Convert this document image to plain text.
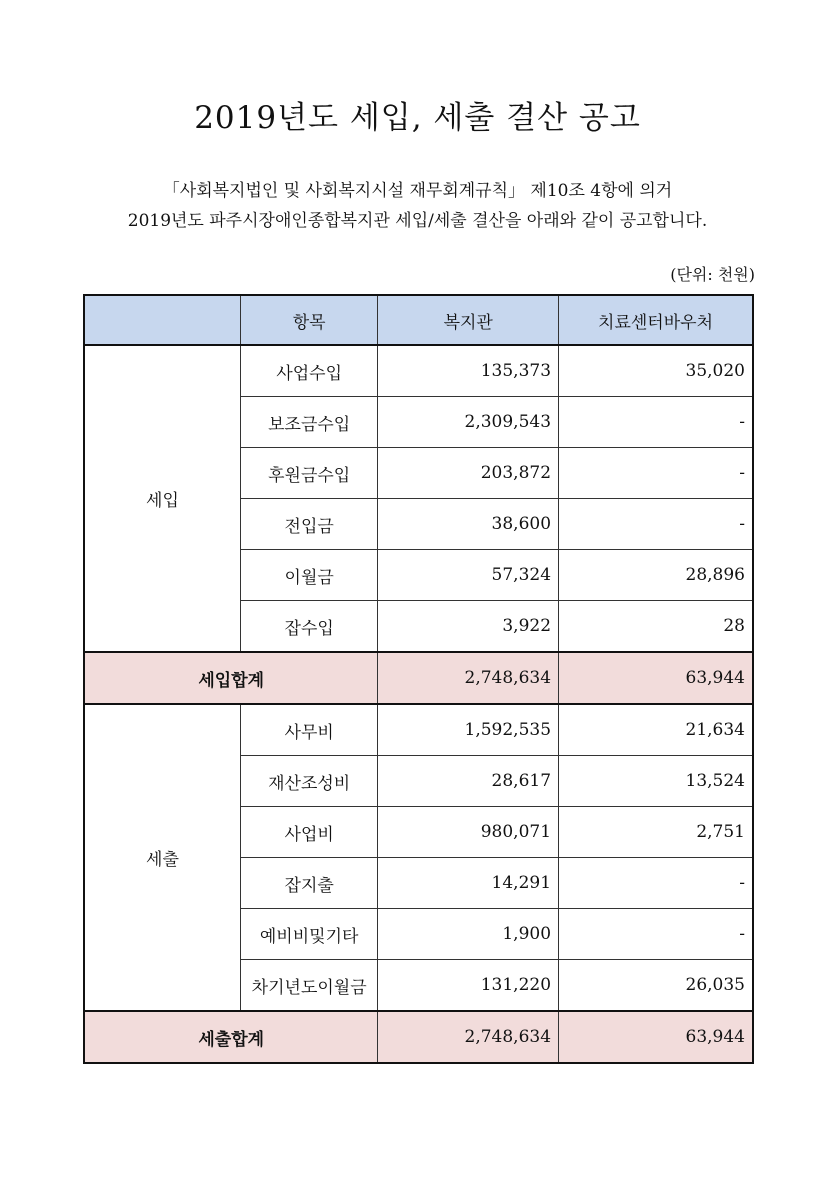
2019년도 세입, 세출 결산 공고
「사회복지법인 및 사회복지시설 재무회계규칙」 제10조 4항에 의거
2019년도 파주시장애인종합복지관 세입/세출 결산을 아래와 같이 공고합니다.
(단위: 천원)
	항목	복지관	치료센터바우처
세입	사업수입	135,373	35,020
	보조금수입	2,309,543	-
	후원금수입	203,872	-
	전입금	38,600	-
	이월금	57,324	28,896
	잡수입	3,922	28
세입합계		2,748,634	63,944
세출	사무비	1,592,535	21,634
	재산조성비	28,617	13,524
	사업비	980,071	2,751
	잡지출	14,291	-
	예비비및기타	1,900	-
	차기년도이월금	131,220	26,035
세출합계		2,748,634	63,944
